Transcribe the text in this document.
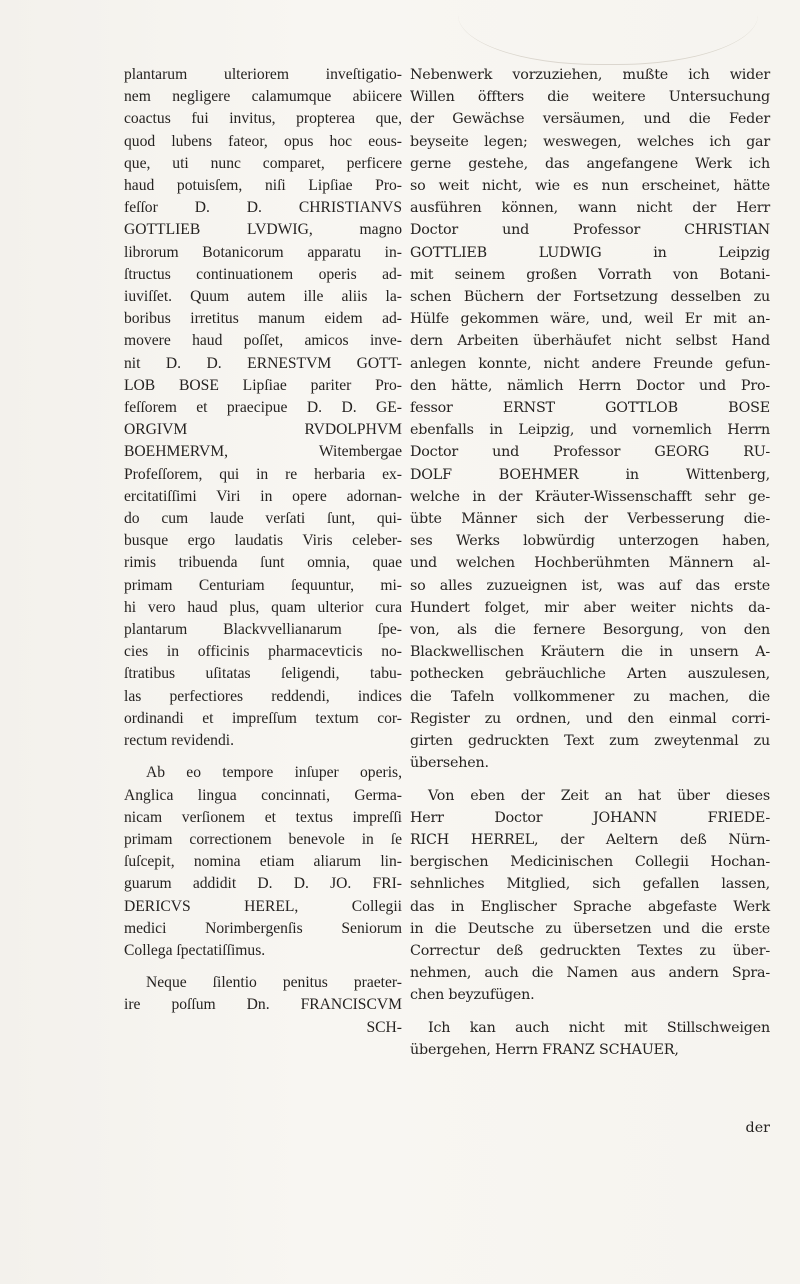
plantarum ulteriorem inveſtigatio-

nem negligere calamumque abiicere

coactus fui invitus, propterea que,

quod lubens fateor, opus hoc eous-

que, uti nunc comparet, perficere

haud potuisſem, niſi Lipſiae Pro-

feſſor D. D. CHRISTIANVS

GOTTLIEB LVDWIG, magno

librorum Botanicorum apparatu in-

ſtructus continuationem operis ad-

iuviſſet. Quum autem ille aliis la-

boribus irretitus manum eidem ad-

movere haud poſſet, amicos inve-

nit D. D. ERNESTVM GOTT-

LOB BOSE Lipſiae pariter Pro-

feſſorem et praecipue D. D. GE-

ORGIVM RVDOLPHVM

BOEHMERVM, Witembergae

Profeſſorem, qui in re herbaria ex-

ercitatiſſimi Viri in opere adornan-

do cum laude verſati ſunt, qui-

busque ergo laudatis Viris celeber-

rimis tribuenda ſunt omnia, quae

primam Centuriam ſequuntur, mi-

hi vero haud plus, quam ulterior cura

plantarum Blackvvellianarum ſpe-

cies in officinis pharmacevticis no-

ſtratibus uſitatas ſeligendi, tabu-

las perfectiores reddendi, indices

ordinandi et impreſſum textum cor-

rectum revidendi.

Ab eo tempore inſuper operis,

Anglica lingua concinnati, Germa-

nicam verſionem et textus impreſſi

primam correctionem benevole in ſe

ſuſcepit, nomina etiam aliarum lin-

guarum addidit D. D. JO. FRI-

DERICVS HEREL, Collegii

medici Norimbergenſis Seniorum

Collega ſpectatiſſimus.

Neque ſilentio penitus praeter-

ire poſſum Dn. FRANCISCVM

SCH-

Nebenwerk vorzuziehen, mußte ich wider

Willen öffters die weitere Untersuchung

der Gewächse versäumen, und die Feder

beyseite legen; weswegen, welches ich gar

gerne gestehe, das angefangene Werk ich

so weit nicht, wie es nun erscheinet, hätte

ausführen können, wann nicht der Herr

Doctor und Professor CHRISTIAN

GOTTLIEB LUDWIG in Leipzig

mit seinem großen Vorrath von Botani-

schen Büchern der Fortsetzung desselben zu

Hülfe gekommen wäre, und, weil Er mit an-

dern Arbeiten überhäufet nicht selbst Hand

anlegen konnte, nicht andere Freunde gefun-

den hätte, nämlich Herrn Doctor und Pro-

fessor ERNST GOTTLOB BOSE

ebenfalls in Leipzig, und vornemlich Herrn

Doctor und Professor GEORG RU-

DOLF BOEHMER in Wittenberg,

welche in der Kräuter-Wissenschafft sehr ge-

übte Männer sich der Verbesserung die-

ses Werks lobwürdig unterzogen haben,

und welchen Hochberühmten Männern al-

so alles zuzueignen ist, was auf das erste

Hundert folget, mir aber weiter nichts da-

von, als die fernere Besorgung, von den

Blackwellischen Kräutern die in unsern A-

pothecken gebräuchliche Arten auszulesen,

die Tafeln vollkommener zu machen, die

Register zu ordnen, und den einmal corri-

girten gedruckten Text zum zweytenmal zu

übersehen.

Von eben der Zeit an hat über dieses

Herr Doctor JOHANN FRIEDE-

RICH HERREL, der Aeltern deß Nürn-

bergischen Medicinischen Collegii Hochan-

sehnliches Mitglied, sich gefallen lassen,

das in Englischer Sprache abgefaste Werk

in die Deutsche zu übersetzen und die erste

Correctur deß gedruckten Textes zu über-

nehmen, auch die Namen aus andern Spra-

chen beyzufügen.

Ich kan auch nicht mit Stillschweigen

übergehen, Herrn FRANZ SCHAUER,

der
